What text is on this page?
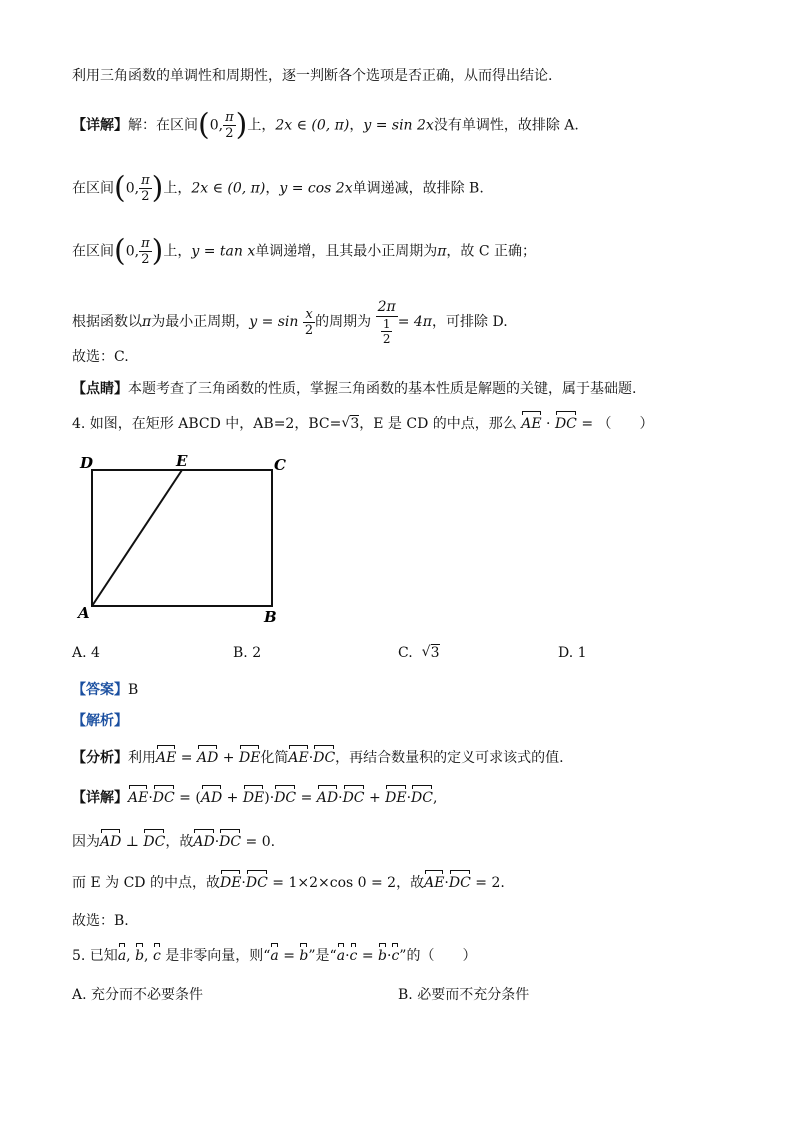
利用三角函数的单调性和周期性，逐一判断各个选项是否正确，从而得出结论.
【详解】解：在区间(0, $\frac{\pi}{2}$ )上，2x ∈ (0, π)，y = sin 2x没有单调性，故排除 A.
在区间(0, $\frac{\pi}{2}$ )上，2x ∈ (0, π)，y = cos 2x单调递减，故排除 B.
在区间(0, $\frac{\pi}{2}$ )上，y = tan x单调递增，且其最小正周期为π，故 C 正确；
根据函数以π为最小正周期，$y = \sin \frac{x}{2}$ 的周期为 $\frac{2\pi}{\frac{1}{2}} = 4\pi$，可排除 D.
故选：C.
【点睛】本题考查了三角函数的性质，掌握三角函数的基本性质是解题的关键，属于基础题.
4. 如图，在矩形 ABCD 中，AB=2，BC= √ 3，E 是 CD 的中点，那么 AE · DC = （　　）
D	E	C
A	B
A. 4	B. 2	C. √ 3	D. 1
【答案】B
【解析】
【分析】利用AE = AD + DE化简AE·DC，再结合数量积的定义可求该式的值.
【详解】AE·DC = (AD + DE)·DC = AD·DC + DE·DC,
因为AD ⊥ DC，故AD·DC = 0.
而 E 为 CD 的中点，故DE·DC = 1×2×cos 0 = 2，故AE·DC = 2.
故选：B.
5. 已知a, b, c 是非零向量，则“a = b”是“a·c = b·c”的（　　）
A. 充分而不必要条件	B. 必要而不充分条件
